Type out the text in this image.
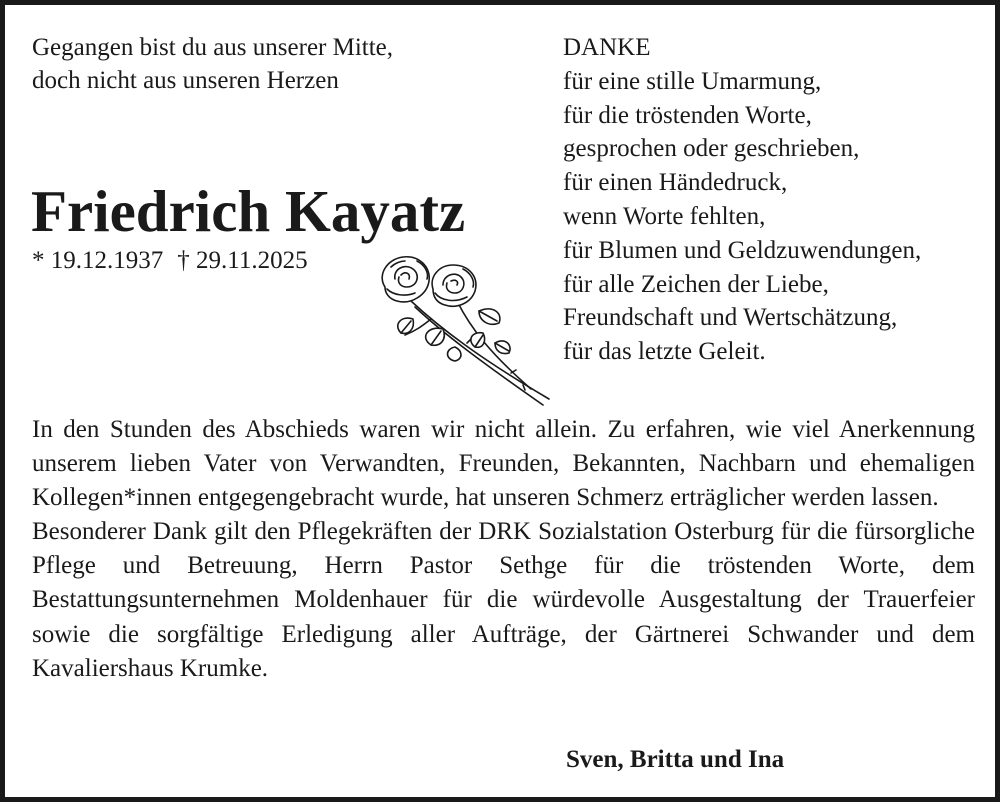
Gegangen bist du aus unserer Mitte,
doch nicht aus unseren Herzen
Friedrich Kayatz
* 19.12.1937 † 29.11.2025
DANKE
für eine stille Umarmung,
für die tröstenden Worte,
gesprochen oder geschrieben,
für einen Händedruck,
wenn Worte fehlten,
für Blumen und Geldzuwendungen,
für alle Zeichen der Liebe,
Freundschaft und Wertschätzung,
für das letzte Geleit.

In den Stunden des Abschieds waren wir nicht allein. Zu erfahren, wie viel Anerkennung unserem lieben Vater von Verwandten, Freunden, Bekannten, Nachbarn und ehemaligen Kollegen*innen entgegengebracht wurde, hat unseren Schmerz erträglicher werden lassen.

Besonderer Dank gilt den Pflegekräften der DRK Sozialstation Osterburg für die fürsorgliche Pflege und Betreuung, Herrn Pastor Sethge für die tröstenden Worte, dem Bestattungsunternehmen Moldenhauer für die würdevolle Ausgestaltung der Trauerfeier sowie die sorgfältige Erledigung aller Aufträge, der Gärtnerei Schwander und dem Kavaliershaus Krumke.

Sven, Britta und Ina
